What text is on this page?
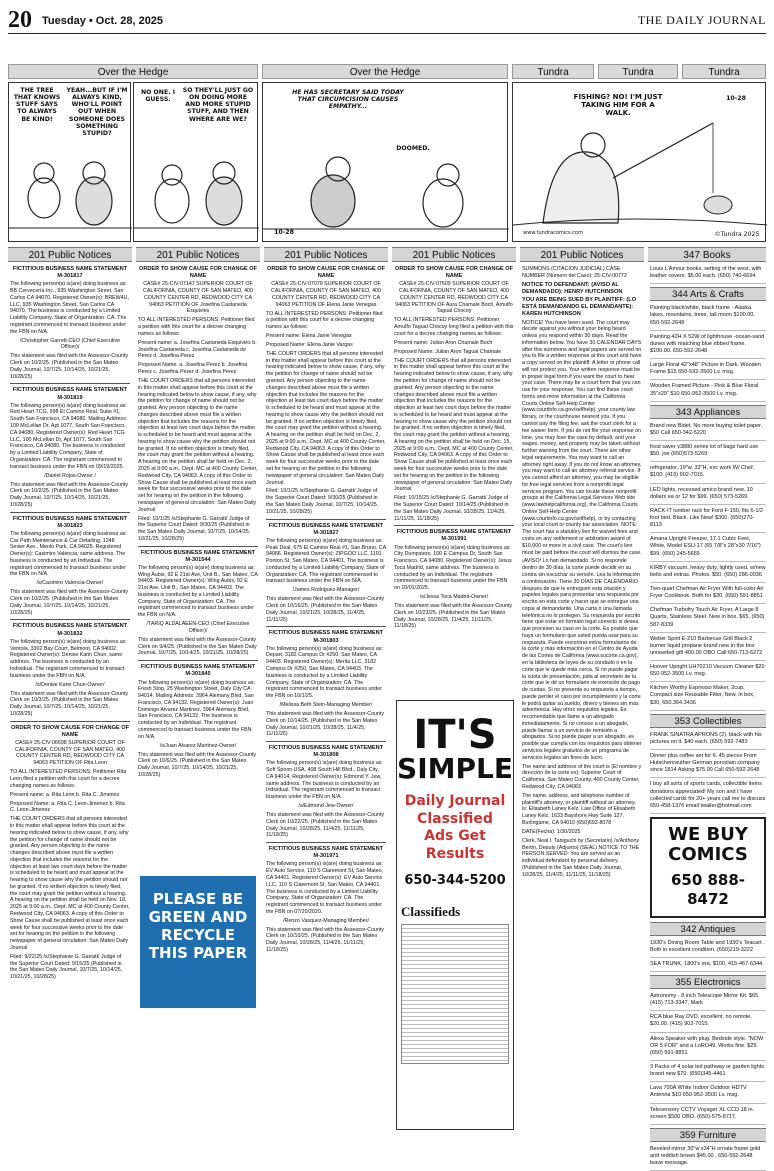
20 Tuesday • Oct. 28, 2025	THE DAILY JOURNAL
Over the Hedge	Over the Hedge	Tundra	Tundra	Tundra
THE TREE THAT KNOWS STUFF SAYS TO ALWAYS BE KIND!
YEAH...BUT IF I'M ALWAYS KIND, WHO'LL POINT OUT WHEN SOMEONE DOES SOMETHING STUPID?
NO ONE. I GUESS.
SO THEY'LL JUST GO ON DOING MORE AND MORE STUPID STUFF, AND THEN WHERE ARE WE?
HE HAS SECRETARY SAID TODAY THAT CIRCUMCISION CAUSES EMPATHY...
DOOMED.
10-28
FISHING? NO! I'M JUST TAKING HIM FOR A WALK.
10-28
©Tundra 2025
www.tundracomics.com
201 Public Notices	201 Public Notices	201 Public Notices	201 Public Notices	201 Public Notices	347 Books

FICTITIOUS BUSINESS NAME STATEMENT M-301817

The following person(s) is(are) doing business as: BB Cervecería Inc., 935 Washington Street, San Carlos CA 94070. Registered Owner(s): BREW4U, LLC, 935 Washington Street, San Carlos CA 94070. The business is conducted by a Limited Liability Company, State of Organization: CA. The registrant commenced to transact business under the FBN on N/A.

/Christopher Garrett-CEO (Chief Executive Officer)/

This statement was filed with the Assessor-County Clerk on 10/2/25. (Published in the San Mateo Daily Journal, 10/7/25, 10/14/25, 10/21/25, 10/28/25)

FICTITIOUS BUSINESS NAME STATEMENT M-301819

The following person(s) is(are) doing business as: Red Heart TCG, 998 El Camino Real, Suite #1, South San Francisco, CA 94080. Mailing Address: 100 McLellan Dr, Apt 1077, South San Francisco, CA 94080. Registered Owner(s): Red Heart TCG LLC, 100 McLellan Dr, Apt 1077, South San Francisco, CA 94080. The business is conducted by a Limited Liability Company, State of Organization: CA. The registrant commenced to transact business under the FBN on 09/19/2025.

/Daniel Rojas-Owner /

This statement was filed with the Assessor-County Clerk on 10/2/25. (Published in the San Mateo Daily Journal, 10/7/25, 10/14/25, 10/21/25, 10/28/25)

FICTITIOUS BUSINESS NAME STATEMENT M-301823

The following person(s) is(are) doing business as: Car Path Maintenance & Car Detailing, 1248 Sevier Ave., Menlo Park, CA 94025. Registered Owner(s): Casimiro Valencia, same address. The business is conducted by an Individual. The registrant commenced to transact business under the FBN on N/A.

/s/Casimiro Valencia-Owner/

This statement was filed with the Assessor-County Clerk on 10/2/25. (Published in the San Mateo Daily Journal, 10/7/25, 10/14/25, 10/21/25, 10/28/25)

FICTITIOUS BUSINESS NAME STATEMENT M-301832

The following person(s) is(are) doing business as: Ventola, 3302 Bay Court, Belmont, CA 94002. Registered Owner(s): Denise Karin Chun, same address. The business is conducted by an Individual. The registrant commenced to transact business under the FBN on N/A.

/s/Denise Karin Chun-Owner/

This statement was filed with the Assessor-County Clerk on 10/3/25. (Published in the San Mateo Daily Journal, 10/7/25, 10/14/25, 10/21/25, 10/28/25)

ORDER TO SHOW CAUSE FOR CHANGE OF NAME

CASE# 25-CIV-06698 SUPERIOR COURT OF CALIFORNIA, COUNTY OF SAN MATEO, 400 COUNTY CENTER RD, REDWOOD CITY CA 94063 PETITION OF Rita Leon

TO ALL INTERESTED PERSONS: Petitioner Rita Leon filed a petition with this court for a decree changing names as follows:

Present name: a. Rita Leon b. Rita C. Jimenez

Proposed Name: a. Rita C. Leon-Jimenez b. Rita C. Leon-Jimenez

THE COURT ORDERS that all persons interested in this matter shall appear before this court at the hearing indicated below to show cause, if any, why the petition for change of name should not be granted. Any person objecting to the name changes described above must file a written objection that includes the reasons for the objection at least two court days before the matter is scheduled to be heard and must appear at the hearing to show cause why the petition should not be granted. If no written objection is timely filed, the court may grant the petition without a hearing. A hearing on the petition shall be held on Nov. 18, 2025 at 9:00 a.m., Dept. MC at 400 County Center, Redwood City, CA 94063. A copy of this Order to Show Cause shall be published at least once each week for four successive weeks prior to the date set for hearing on the petition in the following newspaper of general circulation: San Mateo Daily Journal

Filed: 9/22/25 /s/Stephanie G. Garratt/ Judge of the Superior Court Dated: 9/15/25 (Published in the San Mateo Daily Journal, 10/7/25, 10/14/25, 10/21/25, 10/28/25)

ORDER TO SHOW CAUSE FOR CHANGE OF NAME

CASE# 25-CIV-07147 SUPERIOR COURT OF CALIFORNIA, COUNTY OF SAN MATEO, 400 COUNTY CENTER RD, REDWOOD CITY CA 94063 PETITION OF Josefina Castaneda Esquivies

TO ALL INTERESTED PERSONS: Petitioner filed a petition with this court for a decree changing names as follows:

Present name: a. Josefina Castaneda Esquivies b. Josefina Castaneda c. Josefina Castaneda de Perez d. Josefina Perez

Proposed Name: a. Josefina Perez b. Josefina Perez c. Josefina Perez d. Josefina Perez

THE COURT ORDERS that all persons interested in this matter shall appear before this court at the hearing indicated below to show cause, if any, why the petition for change of name should not be granted. Any person objecting to the name changes described above must file a written objection that includes the reasons for the objection at least two court days before the matter is scheduled to be heard and must appear at the hearing to show cause why the petition should not be granted. If no written objection is timely filed, the court may grant the petition without a hearing. A hearing on the petition shall be held on Dec. 2, 2025 at 9:00 a.m., Dept. MC at 400 County Center, Redwood City, CA 94063. A copy of this Order to Show Cause shall be published at least once each week for four successive weeks prior to the date set for hearing on the petition in the following newspaper of general circulation: San Mateo Daily Journal

Filed: 10/1/25 /s/Stephanie G. Garratt/ Judge of the Superior Court Dated: 9/30/25 (Published in the San Mateo Daily Journal, 10/7/25, 10/14/25, 10/21/25, 10/28/25)

FICTITIOUS BUSINESS NAME STATEMENT M-301544

The following person(s) is(are) doing business as: Wing Aubis, 92 E 21st Ave, Unit B., San Mateo, CA 94403. Registered Owner(s): Wing Aubis, 92 E 21st Ave, Unit B., San Mateo, CA 94403. The business is conducted by a Limited Liability Company, State of Organization: CA. The registrant commenced to transact business under the FBN on N/A.

/TARIQ ALDALAEEN-CEO (Chief Executive Officer)/

This statement was filed with the Assessor-County Clerk on 9/4/25. (Published in the San Mateo Daily Journal, 10/7/25, 10/14/25, 10/21/25, 10/28/25)

FICTITIOUS BUSINESS NAME STATEMENT M-301845

The following person(s) is(are) doing business as: Fresh Stop, 25 Washington Street, Daly City CA 94014. Mailing Address: 3964 Alemany Blvd, San Francisco, CA 94132. Registered Owner(s): Juan Domingo Alvarez Martinez, 3964 Alemany Blvd, San Francisco, CA 94132. The business is conducted by an Individual. The registrant commenced to transact business under the FBN on N/A.

/s/Juan Alvarez Martinez-Owner/

This statement was filed with the Assessor-County Clerk on 10/6/25. (Published in the San Mateo Daily Journal, 10/7/25, 10/14/25, 10/21/25, 10/28/25)

PLEASE BE GREEN AND RECYCLE THIS PAPER

ORDER TO SHOW CAUSE FOR CHANGE OF NAME

CASE# 25-CIV-07070 SUPERIOR COURT OF CALIFORNIA, COUNTY OF SAN MATEO, 400 COUNTY CENTER RD, REDWOOD CITY CA 94063 PETITION OF Elena Janie Venegas

TO ALL INTERESTED PERSONS: Petitioner filed a petition with this court for a decree changing names as follows:

Present name: Elena Janie Venegas

Proposed Name: Elena Janie Vargas

THE COURT ORDERS that all persons interested in this matter shall appear before this court at the hearing indicated below to show cause, if any, why the petition for change of name should not be granted. Any person objecting to the name changes described above must file a written objection that includes the reasons for the objection at least two court days before the matter is scheduled to be heard and must appear at the hearing to show cause why the petition should not be granted. If no written objection is timely filed, the court may grant the petition without a hearing. A hearing on the petition shall be held on Dec. 2, 2025 at 9:00 a.m., Dept. MC at 400 County Center, Redwood City, CA 94063. A copy of this Order to Show Cause shall be published at least once each week for four successive weeks prior to the date set for hearing on the petition in the following newspaper of general circulation: San Mateo Daily Journal

Filed: 10/1/25 /s/Stephanie G. Garratt/ Judge of the Superior Court Dated: 9/30/25 (Published in the San Mateo Daily Journal, 10/7/25, 10/14/25, 10/21/25, 10/28/25)

FICTITIOUS BUSINESS NAME STATEMENT M-301827

The following person(s) is(are) doing business as: Peak Deal, 675 El Camino Real #1, San Bruno, CA 94066. Registered Owner(s): ZIPGOO LLC, 1101 Ponton St, San Mateo, CA 94401. The business is conducted by a Limited Liability Company, State of Organization: CA. The registrant commenced to transact business under the FBN on N/A.

/James Rodriguez-Manager/

This statement was filed with the Assessor-County Clerk on 10/16/25. (Published in the San Mateo Daily Journal, 10/21/25, 10/28/25, 11/4/25, 11/11/25)

FICTITIOUS BUSINESS NAME STATEMENT M-301803

The following person(s) is(are) doing business as: Depart, 3182 Campus Dr #250, San Mateo, CA 94403. Registered Owner(s): Merita LLC, 3182 Campus Dr #250, San Mateo, CA 94403. The business is conducted by a Limited Liability Company, State of Organization: CA. The registrant commenced to transact business under the FBN on 10/1/25.

/Melissa Beth Stein-Managing Member/

This statement was filed with the Assessor-County Clerk on 10/14/25. (Published in the San Mateo Daily Journal, 10/21/25, 10/28/25, 11/4/25, 11/11/25)

FICTITIOUS BUSINESS NAME STATEMENT M-301808

The following person(s) is(are) doing business as: Soft Spoon USA, 408 South Hill Blvd., Daly City, CA 94014. Registered Owner(s): Edmond Y. Jew, same address. The business is conducted by an Individual. The registrant commenced to transact business under the FBN on N/A.

/s/Edmond Jew-Owner/

This statement was filed with the Assessor-County Clerk on 10/22/25. (Published in the San Mateo Daily Journal, 10/28/25, 11/4/25, 11/11/25, 11/18/25)

FICTITIOUS BUSINESS NAME STATEMENT M-301971

The following person(s) is(are) doing business as: EV Auto Service, 110 S Claremont St, San Mateo, CA 94401. Registered Owner(s): EV Auto Service LLC, 110 S Claremont St, San Mateo, CA 94401. The business is conducted by a Limited Liability Company, State of Organization: CA. The registrant commenced to transact business under the FBN on 07/20/2020.

/Renzo Vasquez-Managing Member/

This statement was filed with the Assessor-County Clerk on 10/10/25. (Published in the San Mateo Daily Journal, 10/28/25, 11/4/25, 11/11/25, 11/18/25)

ORDER TO SHOW CAUSE FOR CHANGE OF NAME

CASE# 25-CIV-07609 SUPERIOR COURT OF CALIFORNIA, COUNTY OF SAN MATEO, 400 COUNTY CENTER RD, REDWOOD CITY CA 94063 PETITION OF Aura Chamale Boch, Arnulfo Tagual Chocoy

TO ALL INTERESTED PERSONS: Petitioner Arnulfo Tagual Chocoy long filed a petition with this court for a decree changing names as follows:

Present name: Julian Aron Chamale Boch

Proposed Name: Julian Aron Tagual Chamale

THE COURT ORDERS that all persons interested in this matter shall appear before this court at the hearing indicated below to show cause, if any, why the petition for change of name should not be granted. Any person objecting to the name changes described above must file a written objection that includes the reasons for the objection at least two court days before the matter is scheduled to be heard and must appear at the hearing to show cause why the petition should not be granted. If no written objection is timely filed, the court may grant the petition without a hearing. A hearing on the petition shall be held on Dec. 15, 2025 at 9:00 a.m., Dept. MC at 400 County Center, Redwood City, CA 94063. A copy of this Order to Show Cause shall be published at least once each week for four successive weeks prior to the date set for hearing on the petition in the following newspaper of general circulation: San Mateo Daily Journal

Filed: 10/15/25 /s/Stephanie G. Garratt/ Judge of the Superior Court Dated: 10/14/25 (Published in the San Mateo Daily Journal, 10/28/25, 11/4/25, 11/11/25, 11/18/25)

FICTITIOUS BUSINESS NAME STATEMENT M-301991

The following person(s) is(are) doing business as: City Dumpsters, 100 E Campus Dr, South San Francisco, CA 94080. Registered Owner(s): Jesus Toca Madrid, same address. The business is conducted by an Individual. The registrant commenced to transact business under the FBN on 10/01/2025.

/s/Jesus Toca Madrid-Owner/

This statement was filed with the Assessor-County Clerk on 10/23/25. (Published in the San Mateo Daily Journal, 10/28/25, 11/4/25, 11/11/25, 11/18/25)

IT'S
SIMPLE
Daily Journal Classified Ads Get Results
650-344-5200
Classifieds

SUMMONS (CITACION JUDICIAL) CASE NUMBER (Numero del Caso): 25-CIV-00772

NOTICE TO DEFENDANT: (AVISO AL DEMANDADO): HENRY HUTCHINSON

YOU ARE BEING SUED BY PLAINTIFF: (LO ESTÁ DEMANDANDO EL DEMANDANTE): KAREN HUTCHINSON

NOTICE! You have been sued. The court may decide against you without your being heard unless you respond within 30 days. Read the information below. You have 30 CALENDAR DAYS after this summons and legal papers are served on you to file a written response at this court and have a copy served on the plaintiff. A letter or phone call will not protect you. Your written response must be in proper legal form if you want the court to hear your case. There may be a court form that you can use for your response. You can find these court forms and more information at the California Courts Online Self-Help Center (www.courtinfo.ca.gov/selfhelp), your county law library, or the courthouse nearest you. If you cannot pay the filing fee, ask the court clerk for a fee waiver form. If you do not file your response on time, you may lose the case by default, and your wages, money, and property may be taken without further warning from the court. There are other legal requirements. You may want to call an attorney right away. If you do not know an attorney, you may want to call an attorney referral service. If you cannot afford an attorney, you may be eligible for free legal services from a nonprofit legal services program. You can locate these nonprofit groups at the California Legal Services Web site (www.lawhelpcalifornia.org), the California Courts Online Self-Help Center (www.courtinfo.ca.gov/selfhelp), or by contacting your local court or county bar association. NOTE: The court has a statutory lien for waived fees and costs on any settlement or arbitration award of $10,000 or more in a civil case. The court's lien must be paid before the court will dismiss the case.

¡AVISO! Lo han demandado. Si no responde dentro de 30 días, la corte puede decidir en su contra sin escuchar su versión. Lea la información a continuación. Tiene 30 DÍAS DE CALENDARIO después de que le entreguen esta citación y papeles legales para presentar una respuesta por escrito en esta corte y hacer que se entregue una copia al demandante. Una carta o una llamada telefónica no lo protegen. Su respuesta por escrito tiene que estar en formato legal correcto si desea que procesen su caso en la corte. Es posible que haya un formulario que usted pueda usar para su respuesta. Puede encontrar estos formularios de la corte y más información en el Centro de Ayuda de las Cortes de California (www.sucorte.ca.gov), en la biblioteca de leyes de su condado o en la corte que le quede más cerca. Si no puede pagar la cuota de presentación, pida al secretario de la corte que le dé un formulario de exención de pago de cuotas. Si no presenta su respuesta a tiempo, puede perder el caso por incumplimiento y la corte le podrá quitar su sueldo, dinero y bienes sin más advertencia. Hay otros requisitos legales. Es recomendable que llame a un abogado inmediatamente. Si no conoce a un abogado, puede llamar a un servicio de remisión a abogados. Si no puede pagar a un abogado, es posible que cumpla con los requisitos para obtener servicios legales gratuitos de un programa de servicios legales sin fines de lucro.

The name and address of the court is (El nombre y dirección de la corte es): Superior Court of California, San Mateo County, 400 County Center, Redwood City, CA 94063

The name, address, and telephone number of plaintiff's attorney, or plaintiff without an attorney, is: Elisabeth Laney Kelz, Law Office of Elisabeth Laney Kelz, 1633 Bayshore Hwy Suite 127, Burlingame, CA 94010 (650)692-8078

DATE(Fecha): 1/30/2025

Clerk, Neal I. Taniguchi by (Secretario) /s/Anthony Bertin, Deputy (Adjunto) (SEAL) NOTICE TO THE PERSON SERVED: You are served as an individual defendant by personal delivery. (Published in the San Mateo Daily Journal, 10/28/25, 11/4/25, 11/11/25, 11/18/25)

Louis L'Amour books, setting of the west, with leather covers. $5.00 each. (650) 740-6694

344 Arts & Crafts

Painting black/white, black frame - Alaska lakes, mountains, trees, tall moon $100.00. 650-592-2648

Painting 42H X 52W of lighthouse -ocean-sand dunes with matching blue ribbed frame. $100.00. 650-592-2648

Large Floral 42"x48" Picture in Dark. Wooden Frame $15 650-592-3500 Lv. msg.

Wooden Framed Picture - Pink & Blue Floral 35"x29" $10 650-952-3500 Lv. msg.

343 Appliances

Brand new Bidet. No more buying toilet paper. $50 Call 650-342-5220

food saver v3880 series lot of bags hard use $50. joe (650)573-5269

refrigerator, 19"w, 33"H, exc work W/ Chef. $100. (415) 902-7015.

LED lights, recessed amico brand new. 10 dollars ea or 12 for $99. (650) 573-5269

RACK-IT lumber rack for Ford F-150, fits 6-1/2 foot bed. Black. Like New! $300. (650)270-8113

Amana Upright Freezer, 17.1 Cubic Feet, White, Model ESU-17 (65 7/8"x 28"x30 7/16") $99. (650) 245-5665

KIRBY vacuum, heavy duty, lightly used, w/new belts and extras. Photos. $50. (650) 286-0036

Two-quart Chefman Air Fryer With full-color Air Fryer Cookbook. Both for $30. (650) 591-8851

Chefman Turbofry Touch Air Fryer. A Large 8 Quarts, Stainless Steel. New in box. $65. (650) 587-8339

Weber Spirit E-210 Barbecue Grill Black 2 burner liquid propane brand new in the box unneeded gift 400.00 OBO Call 650-713-6272

Hoover Upright UH70210 Vacuum Cleaner $20 650-952-3500 Lv. msg.

Kitchen Worthy Espresso Maker, 2cup, Compact size Reusable Filter, New, in box, $30, 650.364.3436

353 Collectibles

FRANK SINATRA APRONS (2), black with his pictures on it. $40 each. (650) 592-7483

Dinner plus coffee set for 6. 45 pieces From Hutschenreuther German porcelain company since 1814 Asking $75.00 Call 650-592-2648

I buy all sorts of sports cards, collectible items donations appreciated! My son and I have collected cards for 20+ years call me to discuss 650-458-1376 email twaller@hotmail.com

WE BUY COMICS
650 888-8472
342 Antiques

1930's Dining Room Table and 1930's Teacart . Both in excellent condition. (650)219-3222

SEA TRUNK, 1800's era, $100. 415-467-6344.

355 Electronics

Astronomy - 8 inch Telescope Mirror Kit. $65. (415) 713-3347, Mark

RCA blue Ray DVD, excellent, no remote, $20.00. (415) 902-7015.

Alexa Speaker with plug. Bedside style. "NOW OR 5 FOR" and a LoRO49. Works fine. $25. (650) 591-8851

3 Packs of 4 solar led pathway or garden lights brand new $70. (650)345-4461

Lava 700A White Indoor Outdoor HDTV Antenna $10 650-952-3500 Lv. msg.

Telesensory CCTV Voyager XL CCD 18 in. screen $500 OBO. (650)-575-8717.

359 Furniture

Beveled mirror 30"w x34"H ornate frame gold and reddish brown $45.00 . 650-592-2648 leave message.
